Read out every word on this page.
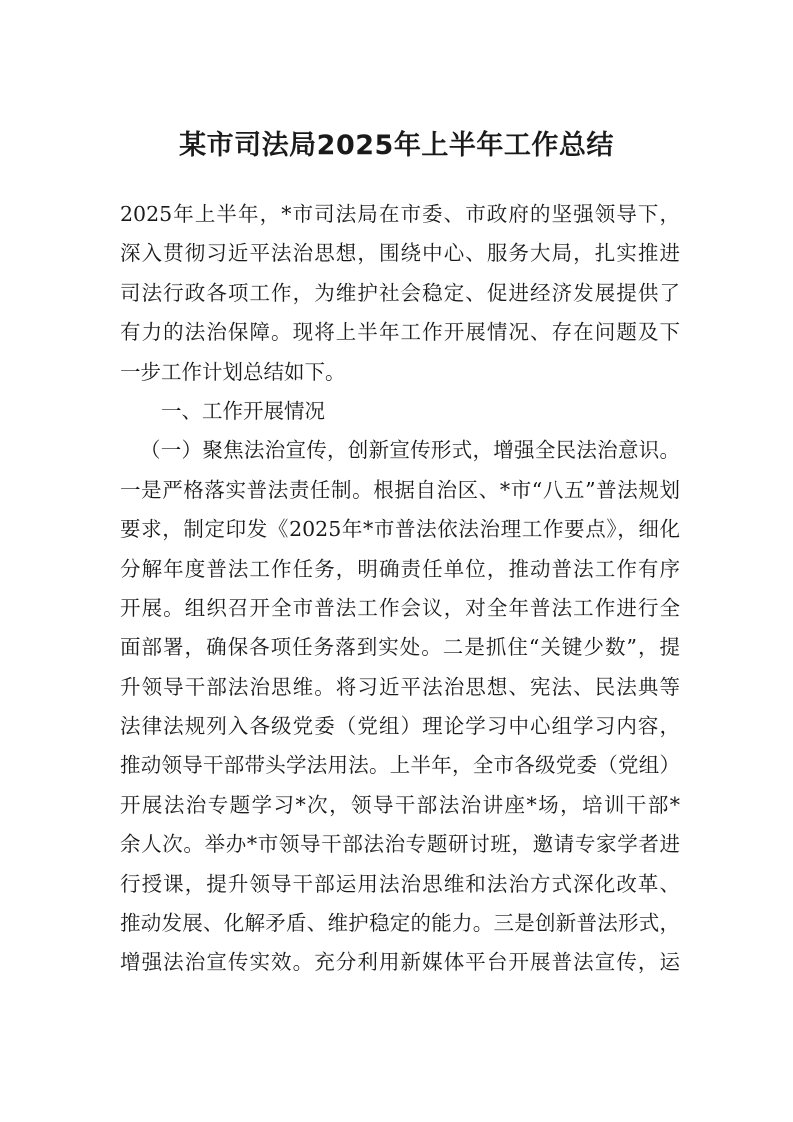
某市司法局2025年上半年工作总结
2025年上半年，*市司法局在市委、市政府的坚强领导下，
深入贯彻习近平法治思想，围绕中心、服务大局，扎实推进
司法行政各项工作，为维护社会稳定、促进经济发展提供了
有力的法治保障。现将上半年工作开展情况、存在问题及下
一步工作计划总结如下。
一、工作开展情况
（一）聚焦法治宣传，创新宣传形式，增强全民法治意识。
一是严格落实普法责任制。根据自治区、*市“八五”普法规划
要求，制定印发《2025年*市普法依法治理工作要点》，细化
分解年度普法工作任务，明确责任单位，推动普法工作有序
开展。组织召开全市普法工作会议，对全年普法工作进行全
面部署，确保各项任务落到实处。二是抓住“关键少数”，提
升领导干部法治思维。将习近平法治思想、宪法、民法典等
法律法规列入各级党委（党组）理论学习中心组学习内容，
推动领导干部带头学法用法。上半年，全市各级党委（党组）
开展法治专题学习*次，领导干部法治讲座*场，培训干部*
余人次。举办*市领导干部法治专题研讨班，邀请专家学者进
行授课，提升领导干部运用法治思维和法治方式深化改革、
推动发展、化解矛盾、维护稳定的能力。三是创新普法形式，
增强法治宣传实效。充分利用新媒体平台开展普法宣传，运
